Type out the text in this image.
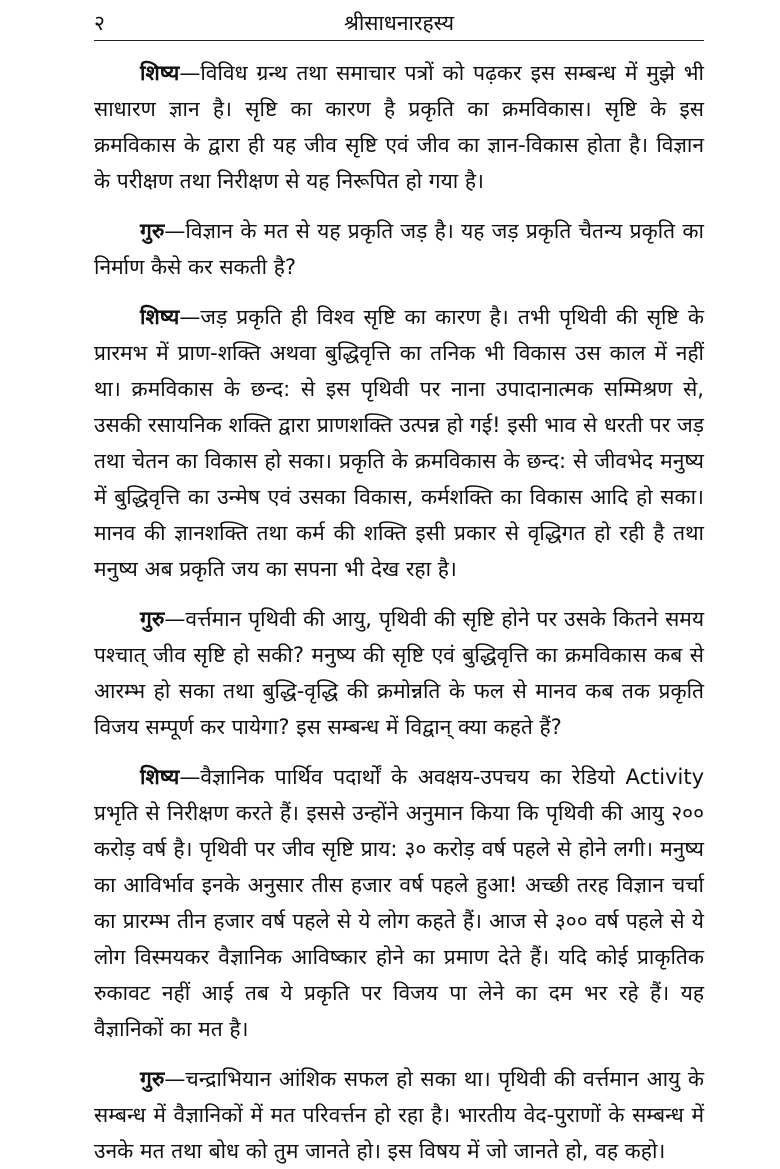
२	श्रीसाधनारहस्य

शिष्य—विविध ग्रन्थ तथा समाचार पत्रों को पढ़कर इस सम्बन्ध में मुझे भी साधारण ज्ञान है। सृष्टि का कारण है प्रकृति का क्रमविकास। सृष्टि के इस क्रमविकास के द्वारा ही यह जीव सृष्टि एवं जीव का ज्ञान-विकास होता है। विज्ञान के परीक्षण तथा निरीक्षण से यह निरूपित हो गया है।

गुरु—विज्ञान के मत से यह प्रकृति जड़ है। यह जड़ प्रकृति चैतन्य प्रकृति का निर्माण कैसे कर सकती है?

शिष्य—जड़ प्रकृति ही विश्व सृष्टि का कारण है। तभी पृथिवी की सृष्टि के प्रारमभ में प्राण-शक्ति अथवा बुद्धिवृत्ति का तनिक भी विकास उस काल में नहीं था। क्रमविकास के छन्द: से इस पृथिवी पर नाना उपादानात्मक सम्मिश्रण से, उसकी रसायनिक शक्ति द्वारा प्राणशक्ति उत्पन्न हो गई! इसी भाव से धरती पर जड़ तथा चेतन का विकास हो सका। प्रकृति के क्रमविकास के छन्द: से जीवभेद मनुष्य में बुद्धिवृत्ति का उन्मेष एवं उसका विकास, कर्मशक्ति का विकास आदि हो सका। मानव की ज्ञानशक्ति तथा कर्म की शक्ति इसी प्रकार से वृद्धिगत हो रही है तथा मनुष्य अब प्रकृति जय का सपना भी देख रहा है।

गुरु—वर्त्तमान पृथिवी की आयु, पृथिवी की सृष्टि होने पर उसके कितने समय पश्चात् जीव सृष्टि हो सकी? मनुष्य की सृष्टि एवं बुद्धिवृत्ति का क्रमविकास कब से आरम्भ हो सका तथा बुद्धि-वृद्धि की क्रमोन्नति के फल से मानव कब तक प्रकृति विजय सम्पूर्ण कर पायेगा? इस सम्बन्ध में विद्वान् क्या कहते हैं?

शिष्य—वैज्ञानिक पार्थिव पदार्थों के अवक्षय-उपचय का रेडियो Activity प्रभृति से निरीक्षण करते हैं। इससे उन्होंने अनुमान किया कि पृथिवी की आयु २०० करोड़ वर्ष है। पृथिवी पर जीव सृष्टि प्राय: ३० करोड़ वर्ष पहले से होने लगी। मनुष्य का आविर्भाव इनके अनुसार तीस हजार वर्ष पहले हुआ! अच्छी तरह विज्ञान चर्चा का प्रारम्भ तीन हजार वर्ष पहले से ये लोग कहते हैं। आज से ३०० वर्ष पहले से ये लोग विस्मयकर वैज्ञानिक आविष्कार होने का प्रमाण देते हैं। यदि कोई प्राकृतिक रुकावट नहीं आई तब ये प्रकृति पर विजय पा लेने का दम भर रहे हैं। यह वैज्ञानिकों का मत है।

गुरु—चन्द्राभियान आंशिक सफल हो सका था। पृथिवी की वर्त्तमान आयु के सम्बन्ध में वैज्ञानिकों में मत परिवर्त्तन हो रहा है। भारतीय वेद-पुराणों के सम्बन्ध में उनके मत तथा बोध को तुम जानते हो। इस विषय में जो जानते हो, वह कहो।
